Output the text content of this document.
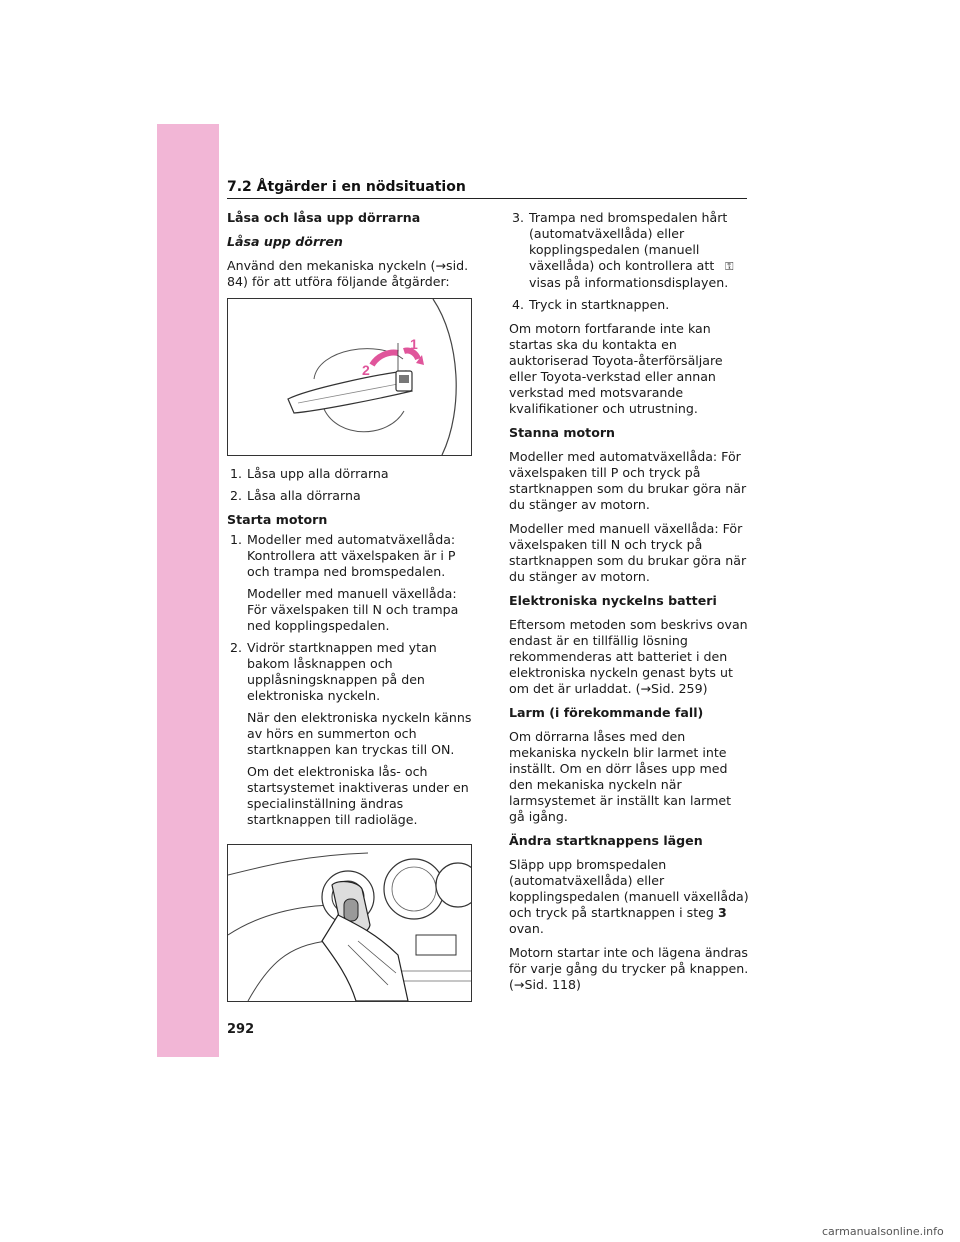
7.2 Åtgärder i en nödsituation

Låsa och låsa upp dörrarna

Låsa upp dörren

Använd den mekaniska nyckeln (→sid. 84) för att utföra följande åtgärder:

1
2
1. Låsa upp alla dörrarna
2. Låsa alla dörrarna

Starta motorn

1. Modeller med automatväxellåda: Kontrollera att växelspaken är i P och trampa ned bromspedalen.

Modeller med manuell växellåda: För växelspaken till N och trampa ned kopplingspedalen.

2. Vidrör startknappen med ytan bakom låsknappen och upplåsningsknappen på den elektroniska nyckeln.

När den elektroniska nyckeln känns av hörs en summerton och startknappen kan tryckas till ON.

Om det elektroniska lås- och startsystemet inaktiveras under en specialinställning ändras startknappen till radioläge.

3. Trampa ned bromspedalen hårt (automatväxellåda) eller kopplingspedalen (manuell växellåda) och kontrollera att ⚿ visas på informationsdisplayen.
4. Tryck in startknappen.

Om motorn fortfarande inte kan startas ska du kontakta en auktoriserad Toyota-återförsäljare eller Toyota-verkstad eller annan verkstad med motsvarande kvalifikationer och utrustning.

Stanna motorn

Modeller med automatväxellåda: För växelspaken till P och tryck på startknappen som du brukar göra när du stänger av motorn.

Modeller med manuell växellåda: För växelspaken till N och tryck på startknappen som du brukar göra när du stänger av motorn.

Elektroniska nyckelns batteri

Eftersom metoden som beskrivs ovan endast är en tillfällig lösning rekommenderas att batteriet i den elektroniska nyckeln genast byts ut om det är urladdat. (→Sid. 259)

Larm (i förekommande fall)

Om dörrarna låses med den mekaniska nyckeln blir larmet inte inställt. Om en dörr låses upp med den mekaniska nyckeln när larmsystemet är inställt kan larmet gå igång.

Ändra startknappens lägen

Släpp upp bromspedalen (automatväxellåda) eller kopplingspedalen (manuell växellåda) och tryck på startknappen i steg 3 ovan.

Motorn startar inte och lägena ändras för varje gång du trycker på knappen. (→Sid. 118)

292
carmanualsonline.info
